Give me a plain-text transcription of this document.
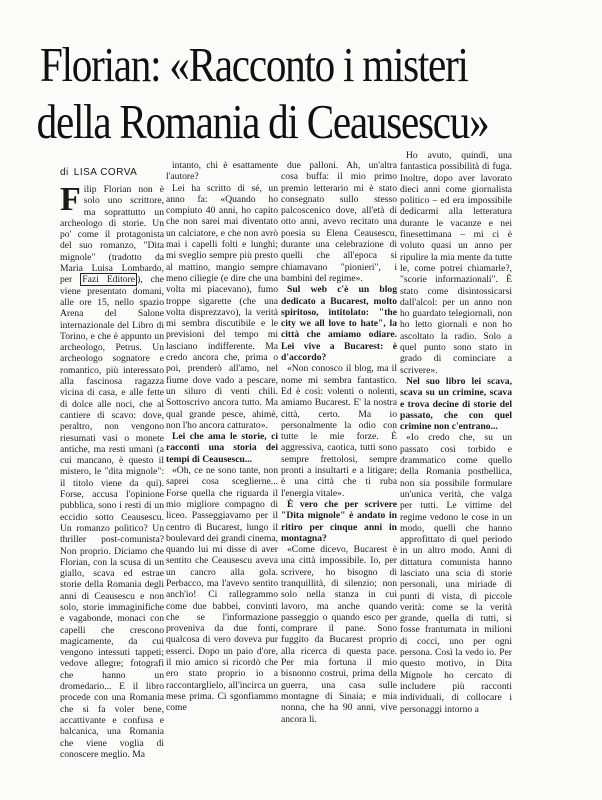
Florian: «Racconto i misteri
della Romania di Ceausescu»
di LISA CORVA

Filip Florian non è solo uno scrittore, ma soprattutto un archeologo di storie. Un po' come il protagonista del suo romanzo, "Dita mignole" (tradotto da Maria Luisa Lombardo, per Fazi Editore ), che viene presentato domani, alle ore 15, nello spazio Arena del Salone internazionale del Libro di Torino, e che è appunto un archeologo, Petrus. Un archeologo sognatore e romantico, più interessato alla fascinosa ragazza vicina di casa, e alle fette di dolce alle noci, che al cantiere di scavo: dove, peraltro, non vengono riesumati vasi o monete antiche, ma resti umani (a cui mancano, è questo il mistero, le "dita mignole": il titolo viene da qui). Forse, accusa l'opinione pubblica, sono i resti di un eccidio sotto Ceausescu. Un romanzo politico? Un thriller post-comunista? Non proprio. Diciamo che Florian, con la scusa di un giallo, scava ed estrae storie della Romania degli anni di Ceausescu e non solo, storie immaginifiche e vagabonde, monaci con capelli che crescono magicamente, da cui vengono intessuti tappeti; vedove allegre; fotografi che hanno un dromedario... E il libro procede con una Romania che si fa voler bene, accattivante e confusa e balcanica, una Romania che viene voglia di conoscere meglio. Ma

intanto, chi è esattamente l'autore?

Lei ha scritto di sé, un anno fa: «Quando ho compiuto 40 anni, ho capito che non sarei mai diventato un calciatore, e che non avrò mai i capelli folti e lunghi; mi sveglio sempre più presto al mattino, mangio sempre meno ciliegie (e dire che una volta mi piacevano), fumo troppe sigarette (che una volta disprezzavo), la verità mi sembra discutibile e le previsioni del tempo mi lasciano indifferente. Ma credo ancora che, prima o poi, prenderò all'amo, nel fiume dove vado a pescare, un siluro di venti chili. Sottoscrivo ancora tutto. Ma qual grande pesce, ahimè, non l'ho ancora catturato».

Lei che ama le storie, ci racconti una storia dei tempi di Ceausescu...

«Oh, ce ne sono tante, non saprei cosa sceglierne... Forse quella che riguarda il mio migliore compagno di liceo. Passeggiavamo per il centro di Bucarest, lungo il boulevard dei grandi cinema, quando lui mi disse di aver sentito che Ceausescu aveva un cancro alla gola. Perbacco, ma l'avevo sentito anch'io! Ci rallegrammo come due babbei, convinti che se l'informazione proveniva da due fonti, qualcosa di vero doveva pur esserci. Dopo un paio d'ore, il mio amico si ricordò che ero stato proprio io a raccontarglielo, all'incirca un mese prima. Ci sgonfiammo come

due palloni. Ah, un'altra cosa buffa: il mio primo premio letterario mi è stato consegnato sullo stesso palcoscenico dove, all'età di otto anni, avevo recitato una poesia su Elena Ceausescu, durante una celebrazione di quelli che all'epoca si chiamavano "pionieri", i bambini del regime».

Sul web c'è un blog dedicato a Bucarest, molto spiritoso, intitolato: "the city we all love to hate", la città che amiamo odiare. Lei vive a Bucarest: è d'accordo?

«Non conosco il blog, ma il nome mi sembra fantastico. Ed è così: volenti o nolenti, amiamo Bucarest. E' la nostra città, certo. Ma io personalmente la odio con tutte le mie forze. È aggressiva, caotica, tutti sono sempre frettolosi, sempre pronti a insultarti e a litigare; è una città che ti ruba l'energia vitale».

È vero che per scrivere "Dita mignole" è andato in ritiro per cinque anni in montagna?

«Come dicevo, Bucarest è una città impossibile. Io, per scrivere, ho bisogno di tranquillità, di silenzio; non solo nella stanza in cui lavoro, ma anche quando passeggio o quando esco per comprare il pane. Sono fuggito da Bucarest proprio alla ricerca di questa pace. Per mia fortuna il mio bisnonno costruì, prima della guerra, una casa sulle montagne di Sinaia; e mia nonna, che ha 90 anni, vive ancora lì.

Ho avuto, quindi, una fantastica possibilità di fuga. Inoltre, dopo aver lavorato dieci anni come giornalista politico – ed era impossibile dedicarmi alla letteratura durante le vacanze e nei finesettimana – mi ci è voluto quasi un anno per ripulire la mia mente da tutte le, come potrei chiamarle?, "scorie informazionali". È stato come disintossicarsi dall'alcol: per un anno non ho guardato telegiornali, non ho letto giornali e non ho ascoltato la radio. Solo a quel punto sono stato in grado di cominciare a scrivere».

Nel suo libro lei scava, scava su un crimine, scava e trova decine di storie del passato, che con quel crimine non c'entrano...

«Io credo che, su un passato così torbido e drammatico come quello della Romania postbellica, non sia possibile formulare un'unica verità, che valga per tutti. Le vittime del regime vedono le cose in un modo, quelli che hanno approfittato di quel periodo in un altro modo. Anni di dittatura comunista hanno lasciato una scia di storie personali, una miriade di punti di vista, di piccole verità: come se la verità grande, quella di tutti, si fosse frantumata in milioni di cocci, uno per ogni persona. Così la vedo io. Per questo motivo, in Dita Mignole ho cercato di includere più racconti individuali, di collocare i personaggi intorno a
